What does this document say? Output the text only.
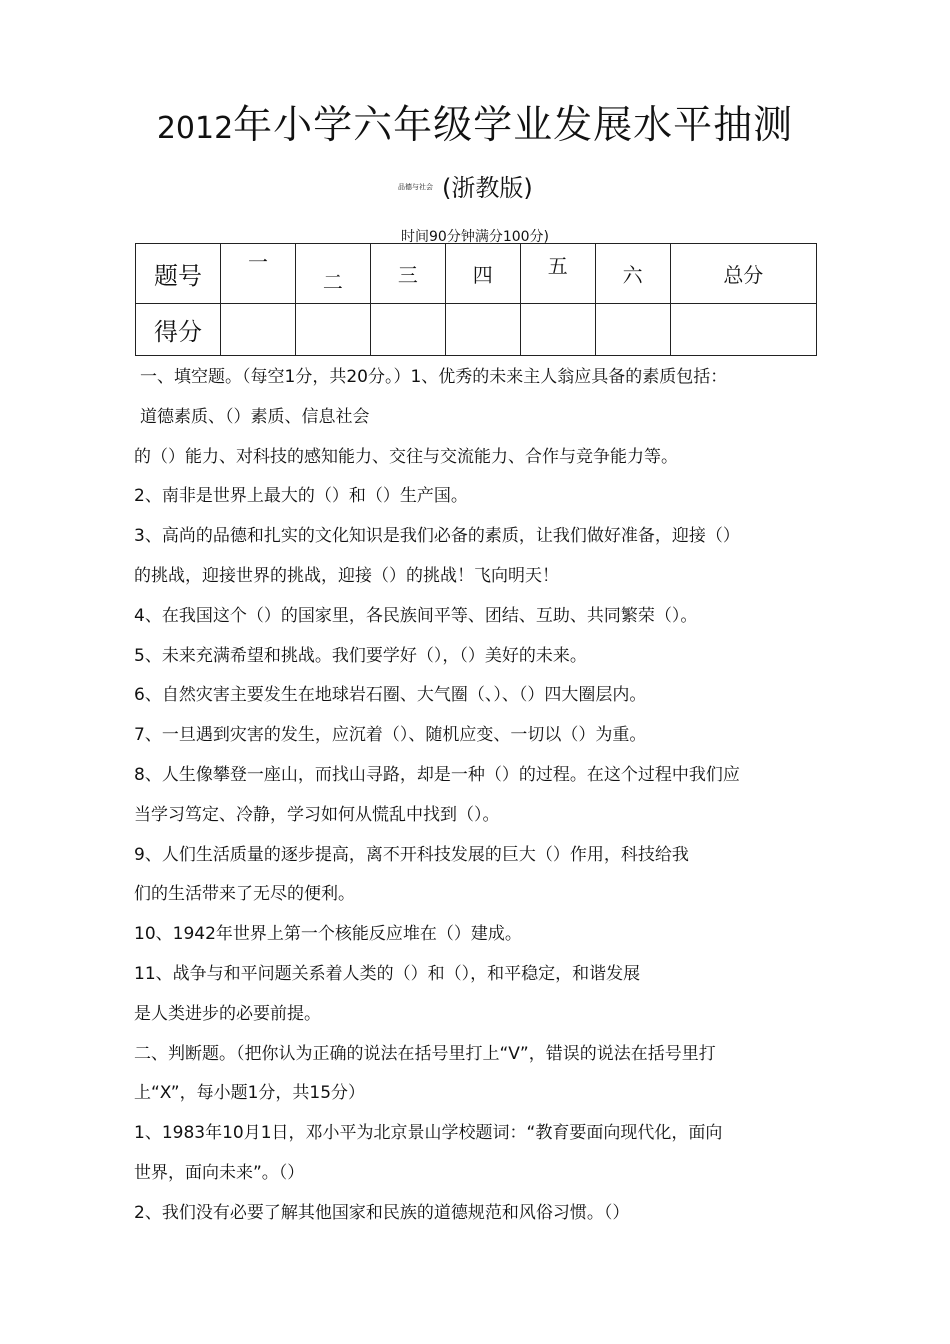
2012年小学六年级学业发展水平抽测
品德与社会 (浙教版)
时间90分钟满分100分)
题号	一	二	三	四	五	六	总分
得分							

一、填空题。（每空1分，共20分。）1、优秀的未来主人翁应具备的素质包括：

道德素质、（）素质、信息社会

的（）能力、对科技的感知能力、交往与交流能力、合作与竞争能力等。

2、南非是世界上最大的（）和（）生产国。

3、高尚的品德和扎实的文化知识是我们必备的素质，让我们做好准备，迎接（）

的挑战，迎接世界的挑战，迎接（）的挑战！飞向明天！

4、在我国这个（）的国家里，各民族间平等、团结、互助、共同繁荣（）。

5、未来充满希望和挑战。我们要学好（），（）美好的未来。

6、自然灾害主要发生在地球岩石圈、大气圈（、）、（）四大圈层内。

7、一旦遇到灾害的发生，应沉着（）、随机应变、一切以（）为重。

8、人生像攀登一座山，而找山寻路，却是一种（）的过程。在这个过程中我们应

当学习笃定、冷静，学习如何从慌乱中找到（）。

9、人们生活质量的逐步提高，离不开科技发展的巨大（）作用，科技给我

们的生活带来了无尽的便利。

10、1942年世界上第一个核能反应堆在（）建成。

11、战争与和平问题关系着人类的（）和（），和平稳定，和谐发展

是人类进步的必要前提。

二、判断题。（把你认为正确的说法在括号里打上“V”，错误的说法在括号里打

上“X”，每小题1分，共15分）

1、1983年10月1日，邓小平为北京景山学校题词：“教育要面向现代化，面向

世界，面向未来”。（）

2、我们没有必要了解其他国家和民族的道德规范和风俗习惯。（）
